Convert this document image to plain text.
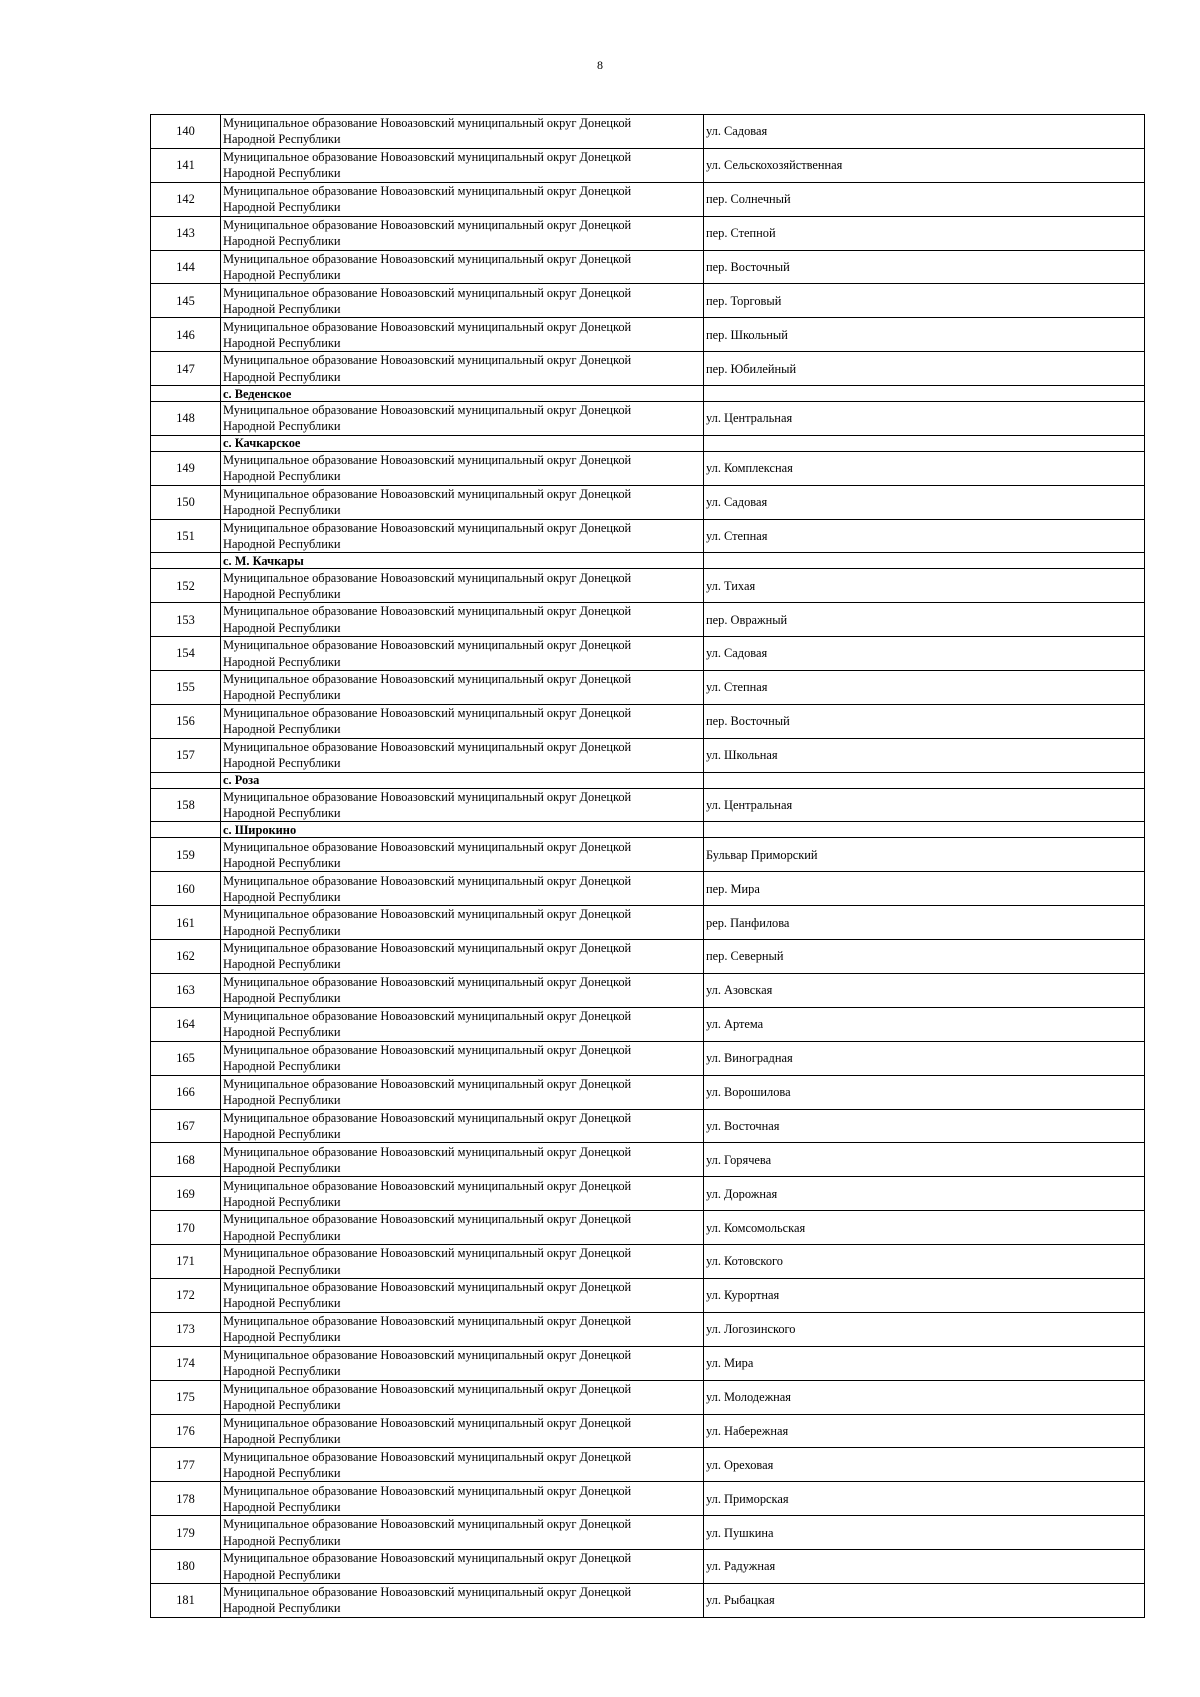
8
140	Муниципальное образование Новоазовский муниципальный округ Донецкой
Народной Республики	ул. Садовая
141	Муниципальное образование Новоазовский муниципальный округ Донецкой
Народной Республики	ул. Сельскохозяйственная
142	Муниципальное образование Новоазовский муниципальный округ Донецкой
Народной Республики	пер. Солнечный
143	Муниципальное образование Новоазовский муниципальный округ Донецкой
Народной Республики	пер. Степной
144	Муниципальное образование Новоазовский муниципальный округ Донецкой
Народной Республики	пер. Восточный
145	Муниципальное образование Новоазовский муниципальный округ Донецкой
Народной Республики	пер. Торговый
146	Муниципальное образование Новоазовский муниципальный округ Донецкой
Народной Республики	пер. Школьный
147	Муниципальное образование Новоазовский муниципальный округ Донецкой
Народной Республики	пер. Юбилейный
	с. Веденское	
148	Муниципальное образование Новоазовский муниципальный округ Донецкой
Народной Республики	ул. Центральная
	с. Качкарское	
149	Муниципальное образование Новоазовский муниципальный округ Донецкой
Народной Республики	ул. Комплексная
150	Муниципальное образование Новоазовский муниципальный округ Донецкой
Народной Республики	ул. Садовая
151	Муниципальное образование Новоазовский муниципальный округ Донецкой
Народной Республики	ул. Степная
	с. М. Качкары	
152	Муниципальное образование Новоазовский муниципальный округ Донецкой
Народной Республики	ул. Тихая
153	Муниципальное образование Новоазовский муниципальный округ Донецкой
Народной Республики	пер. Овражный
154	Муниципальное образование Новоазовский муниципальный округ Донецкой
Народной Республики	ул. Садовая
155	Муниципальное образование Новоазовский муниципальный округ Донецкой
Народной Республики	ул. Степная
156	Муниципальное образование Новоазовский муниципальный округ Донецкой
Народной Республики	пер. Восточный
157	Муниципальное образование Новоазовский муниципальный округ Донецкой
Народной Республики	ул. Школьная
	с. Роза	
158	Муниципальное образование Новоазовский муниципальный округ Донецкой
Народной Республики	ул. Центральная
	с. Широкино	
159	Муниципальное образование Новоазовский муниципальный округ Донецкой
Народной Республики	Бульвар Приморский
160	Муниципальное образование Новоазовский муниципальный округ Донецкой
Народной Республики	пер. Мира
161	Муниципальное образование Новоазовский муниципальный округ Донецкой
Народной Республики	рер. Панфилова
162	Муниципальное образование Новоазовский муниципальный округ Донецкой
Народной Республики	пер. Северный
163	Муниципальное образование Новоазовский муниципальный округ Донецкой
Народной Республики	ул. Азовская
164	Муниципальное образование Новоазовский муниципальный округ Донецкой
Народной Республики	ул. Артема
165	Муниципальное образование Новоазовский муниципальный округ Донецкой
Народной Республики	ул. Виноградная
166	Муниципальное образование Новоазовский муниципальный округ Донецкой
Народной Республики	ул. Ворошилова
167	Муниципальное образование Новоазовский муниципальный округ Донецкой
Народной Республики	ул. Восточная
168	Муниципальное образование Новоазовский муниципальный округ Донецкой
Народной Республики	ул. Горячева
169	Муниципальное образование Новоазовский муниципальный округ Донецкой
Народной Республики	ул. Дорожная
170	Муниципальное образование Новоазовский муниципальный округ Донецкой
Народной Республики	ул. Комсомольская
171	Муниципальное образование Новоазовский муниципальный округ Донецкой
Народной Республики	ул. Котовского
172	Муниципальное образование Новоазовский муниципальный округ Донецкой
Народной Республики	ул. Курортная
173	Муниципальное образование Новоазовский муниципальный округ Донецкой
Народной Республики	ул. Логозинского
174	Муниципальное образование Новоазовский муниципальный округ Донецкой
Народной Республики	ул. Мира
175	Муниципальное образование Новоазовский муниципальный округ Донецкой
Народной Республики	ул. Молодежная
176	Муниципальное образование Новоазовский муниципальный округ Донецкой
Народной Республики	ул. Набережная
177	Муниципальное образование Новоазовский муниципальный округ Донецкой
Народной Республики	ул. Ореховая
178	Муниципальное образование Новоазовский муниципальный округ Донецкой
Народной Республики	ул. Приморская
179	Муниципальное образование Новоазовский муниципальный округ Донецкой
Народной Республики	ул. Пушкина
180	Муниципальное образование Новоазовский муниципальный округ Донецкой
Народной Республики	ул. Радужная
181	Муниципальное образование Новоазовский муниципальный округ Донецкой
Народной Республики	ул. Рыбацкая
